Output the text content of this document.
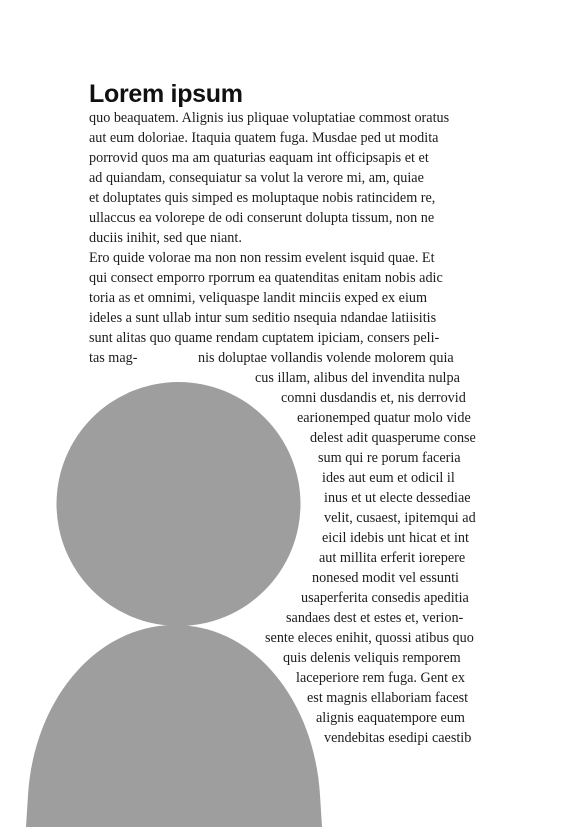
Lorem ipsum
quo beaquatem. Alignis ius pliquae voluptatiae commost oratus
aut eum doloriae. Itaquia quatem fuga. Musdae ped ut modita
porrovid quos ma am quaturias eaquam int officipsapis et et
ad quiandam, consequiatur sa volut la verore mi, am, quiae
et doluptates quis simped es moluptaque nobis ratincidem re,
ullaccus ea volorepe de odi conserunt dolupta tissum, non ne
duciis inihit, sed que niant.
Ero quide volorae ma non non ressim evelent isquid quae. Et
qui consect emporro rporrum ea quatenditas enitam nobis adic
toria as et omnimi, veliquaspe landit minciis exped ex eium
ideles a sunt ullab intur sum seditio nsequia ndandae latiisitis
sunt alitas quo quame rendam cuptatem ipiciam, consers peli-
tas mag-	nis doluptae vollandis volende molorem quia
cus illam, alibus del invendita nulpa
comni dusdandis et, nis derrovid
earionemped quatur molo vide
delest adit quasperume conse
sum qui re porum faceria
ides aut eum et odicil il
inus et ut electe dessediae
velit, cusaest, ipitemqui ad
eicil idebis unt hicat et int
aut millita erferit iorepere
nonesed modit vel essunti
usaperferita consedis apeditia
sandaes dest et estes et, verion-
sente eleces enihit, quossi atibus quo
quis delenis veliquis remporem
laceperiore rem fuga. Gent ex
est magnis ellaboriam facest
alignis eaquatempore eum
vendebitas esedipi caestib
